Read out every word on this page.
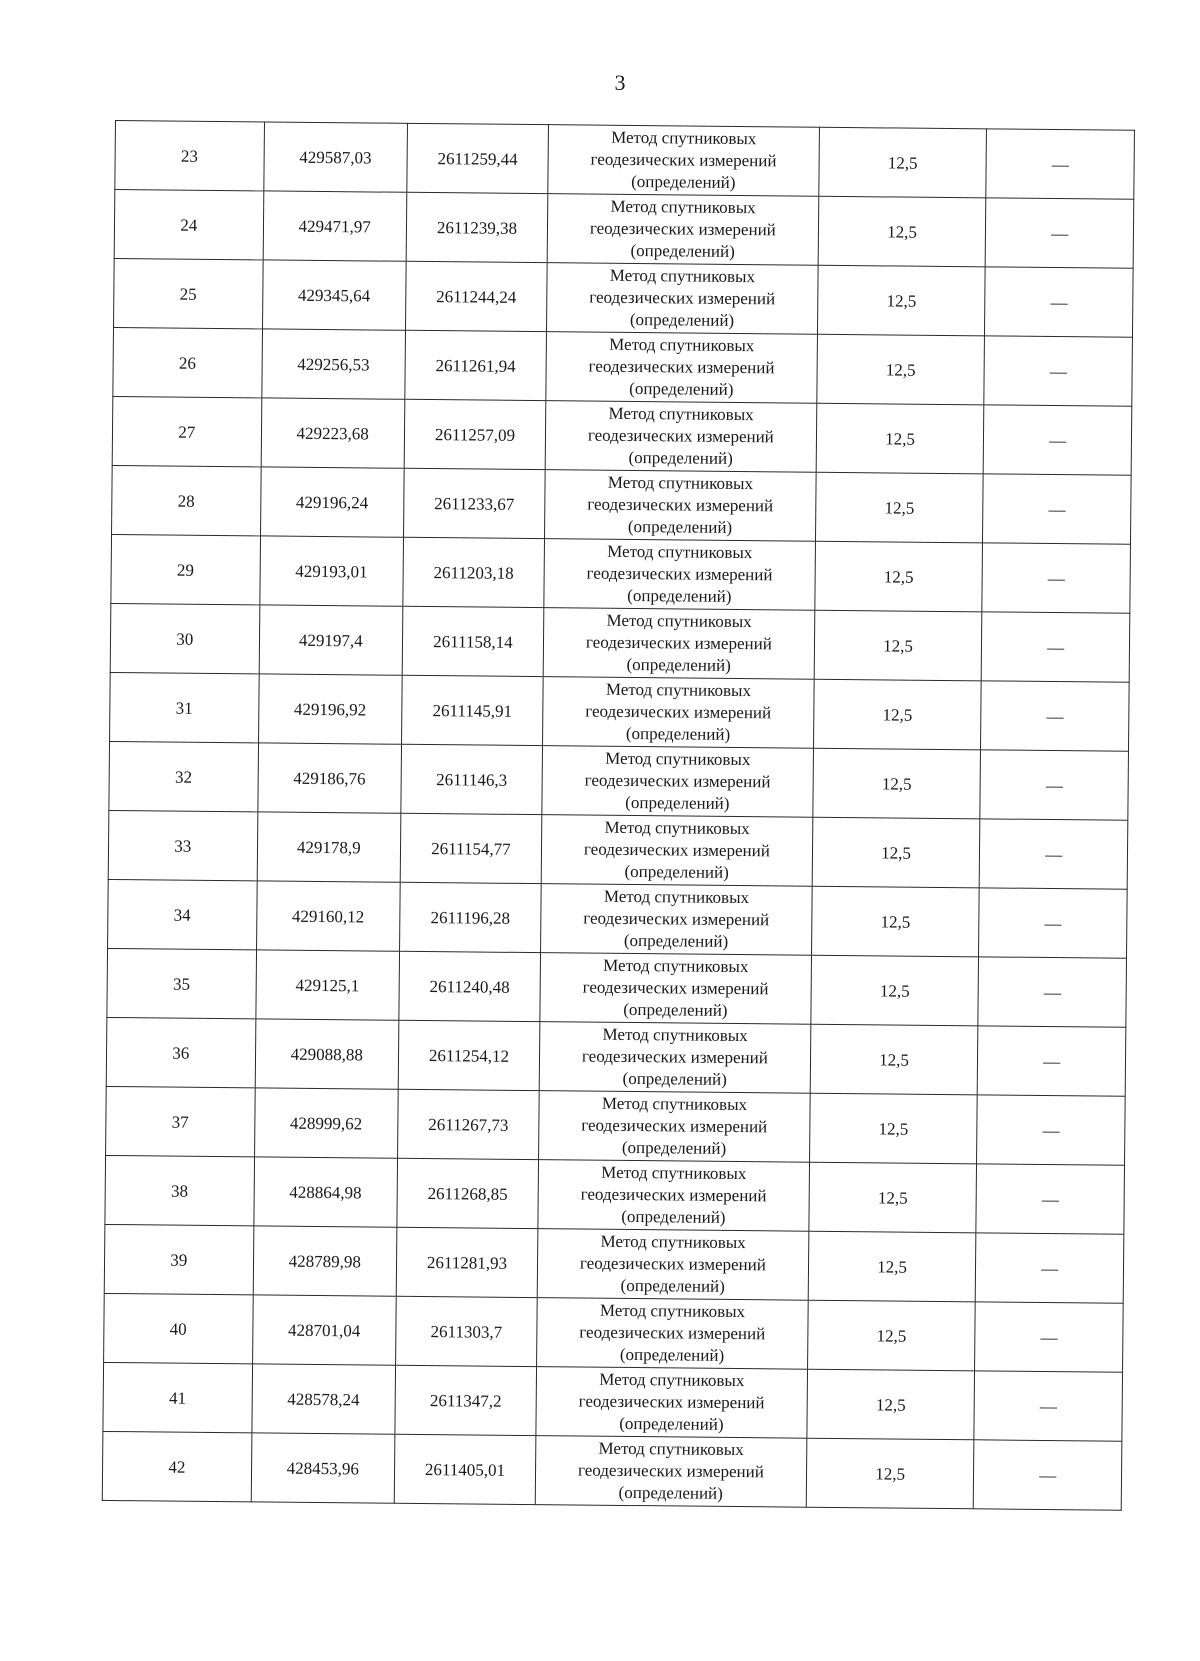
3
23	429587,03	2611259,44	Метод спутниковых
геодезических измерений
(определений)	12,5	—
24	429471,97	2611239,38	Метод спутниковых
геодезических измерений
(определений)	12,5	—
25	429345,64	2611244,24	Метод спутниковых
геодезических измерений
(определений)	12,5	—
26	429256,53	2611261,94	Метод спутниковых
геодезических измерений
(определений)	12,5	—
27	429223,68	2611257,09	Метод спутниковых
геодезических измерений
(определений)	12,5	—
28	429196,24	2611233,67	Метод спутниковых
геодезических измерений
(определений)	12,5	—
29	429193,01	2611203,18	Метод спутниковых
геодезических измерений
(определений)	12,5	—
30	429197,4	2611158,14	Метод спутниковых
геодезических измерений
(определений)	12,5	—
31	429196,92	2611145,91	Метод спутниковых
геодезических измерений
(определений)	12,5	—
32	429186,76	2611146,3	Метод спутниковых
геодезических измерений
(определений)	12,5	—
33	429178,9	2611154,77	Метод спутниковых
геодезических измерений
(определений)	12,5	—
34	429160,12	2611196,28	Метод спутниковых
геодезических измерений
(определений)	12,5	—
35	429125,1	2611240,48	Метод спутниковых
геодезических измерений
(определений)	12,5	—
36	429088,88	2611254,12	Метод спутниковых
геодезических измерений
(определений)	12,5	—
37	428999,62	2611267,73	Метод спутниковых
геодезических измерений
(определений)	12,5	—
38	428864,98	2611268,85	Метод спутниковых
геодезических измерений
(определений)	12,5	—
39	428789,98	2611281,93	Метод спутниковых
геодезических измерений
(определений)	12,5	—
40	428701,04	2611303,7	Метод спутниковых
геодезических измерений
(определений)	12,5	—
41	428578,24	2611347,2	Метод спутниковых
геодезических измерений
(определений)	12,5	—
42	428453,96	2611405,01	Метод спутниковых
геодезических измерений
(определений)	12,5	—
